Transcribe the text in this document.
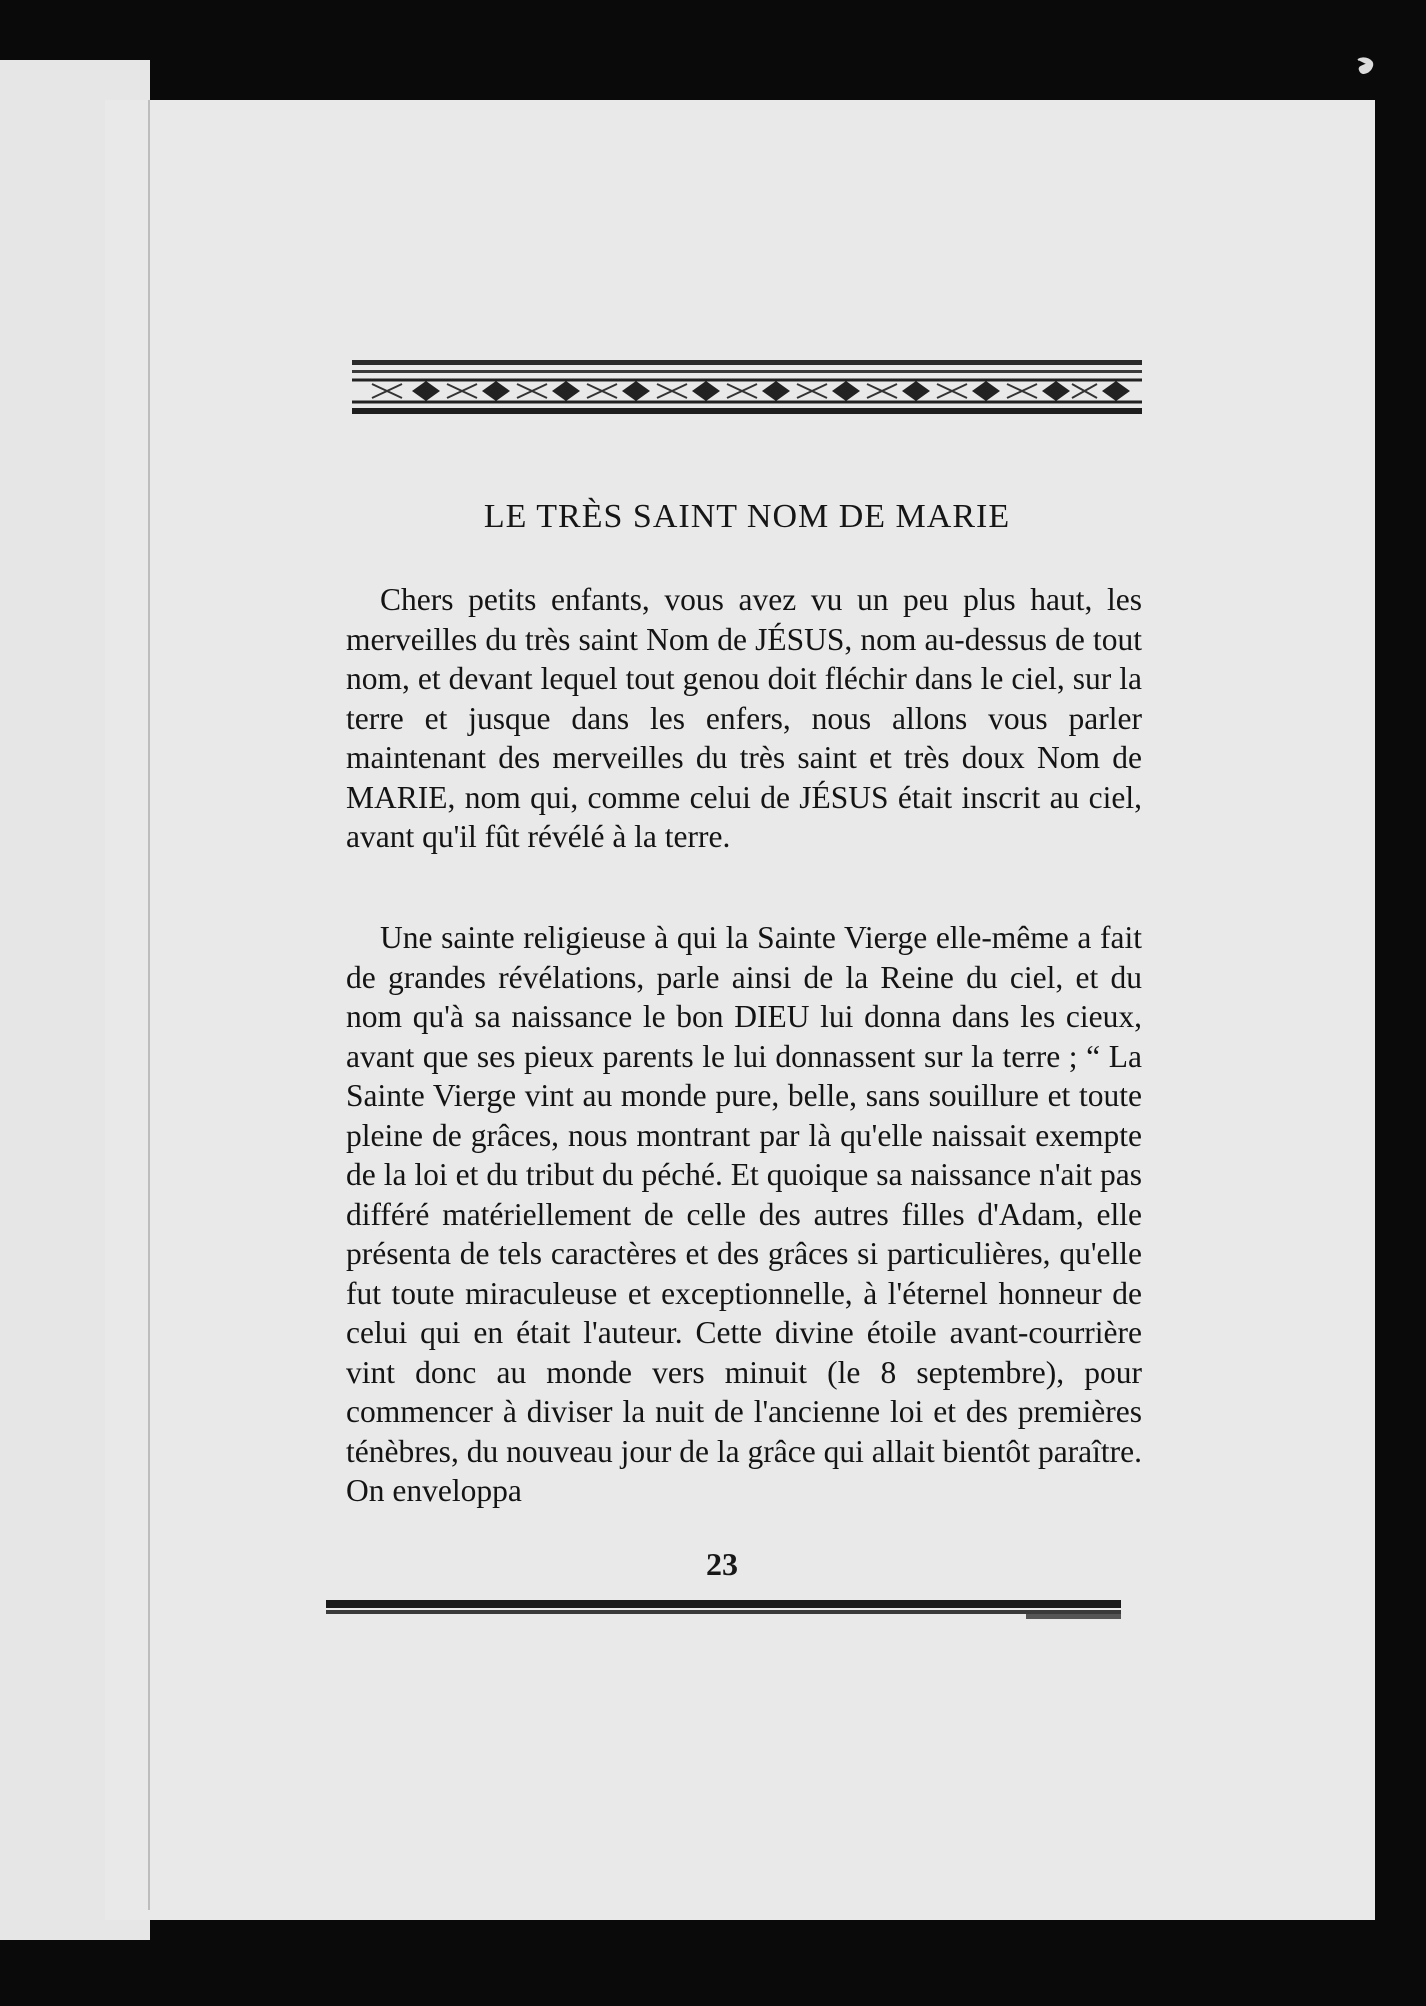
LE TRÈS SAINT NOM DE MARIE

Chers petits enfants, vous avez vu un peu plus haut, les merveilles du très saint Nom de JÉSUS, nom au-dessus de tout nom, et devant lequel tout genou doit fléchir dans le ciel, sur la terre et jusque dans les enfers, nous allons vous parler maintenant des merveilles du très saint et très doux Nom de MARIE, nom qui, comme celui de JÉSUS était inscrit au ciel, avant qu'il fût révélé à la terre.

Une sainte religieuse à qui la Sainte Vierge elle-même a fait de grandes révélations, parle ainsi de la Reine du ciel, et du nom qu'à sa naissance le bon DIEU lui donna dans les cieux, avant que ses pieux parents le lui donnassent sur la terre ; “ La Sainte Vierge vint au monde pure, belle, sans souillure et toute pleine de grâces, nous montrant par là qu'elle naissait exempte de la loi et du tribut du péché. Et quoique sa naissance n'ait pas différé matériellement de celle des autres filles d'Adam, elle présenta de tels caractères et des grâces si particulières, qu'elle fut toute miraculeuse et exceptionnelle, à l'éternel honneur de celui qui en était l'auteur. Cette divine étoile avant-courrière vint donc au monde vers minuit (le 8 septembre), pour commencer à diviser la nuit de l'ancienne loi et des premières ténèbres, du nouveau jour de la grâce qui allait bientôt paraître. On enveloppa

23
